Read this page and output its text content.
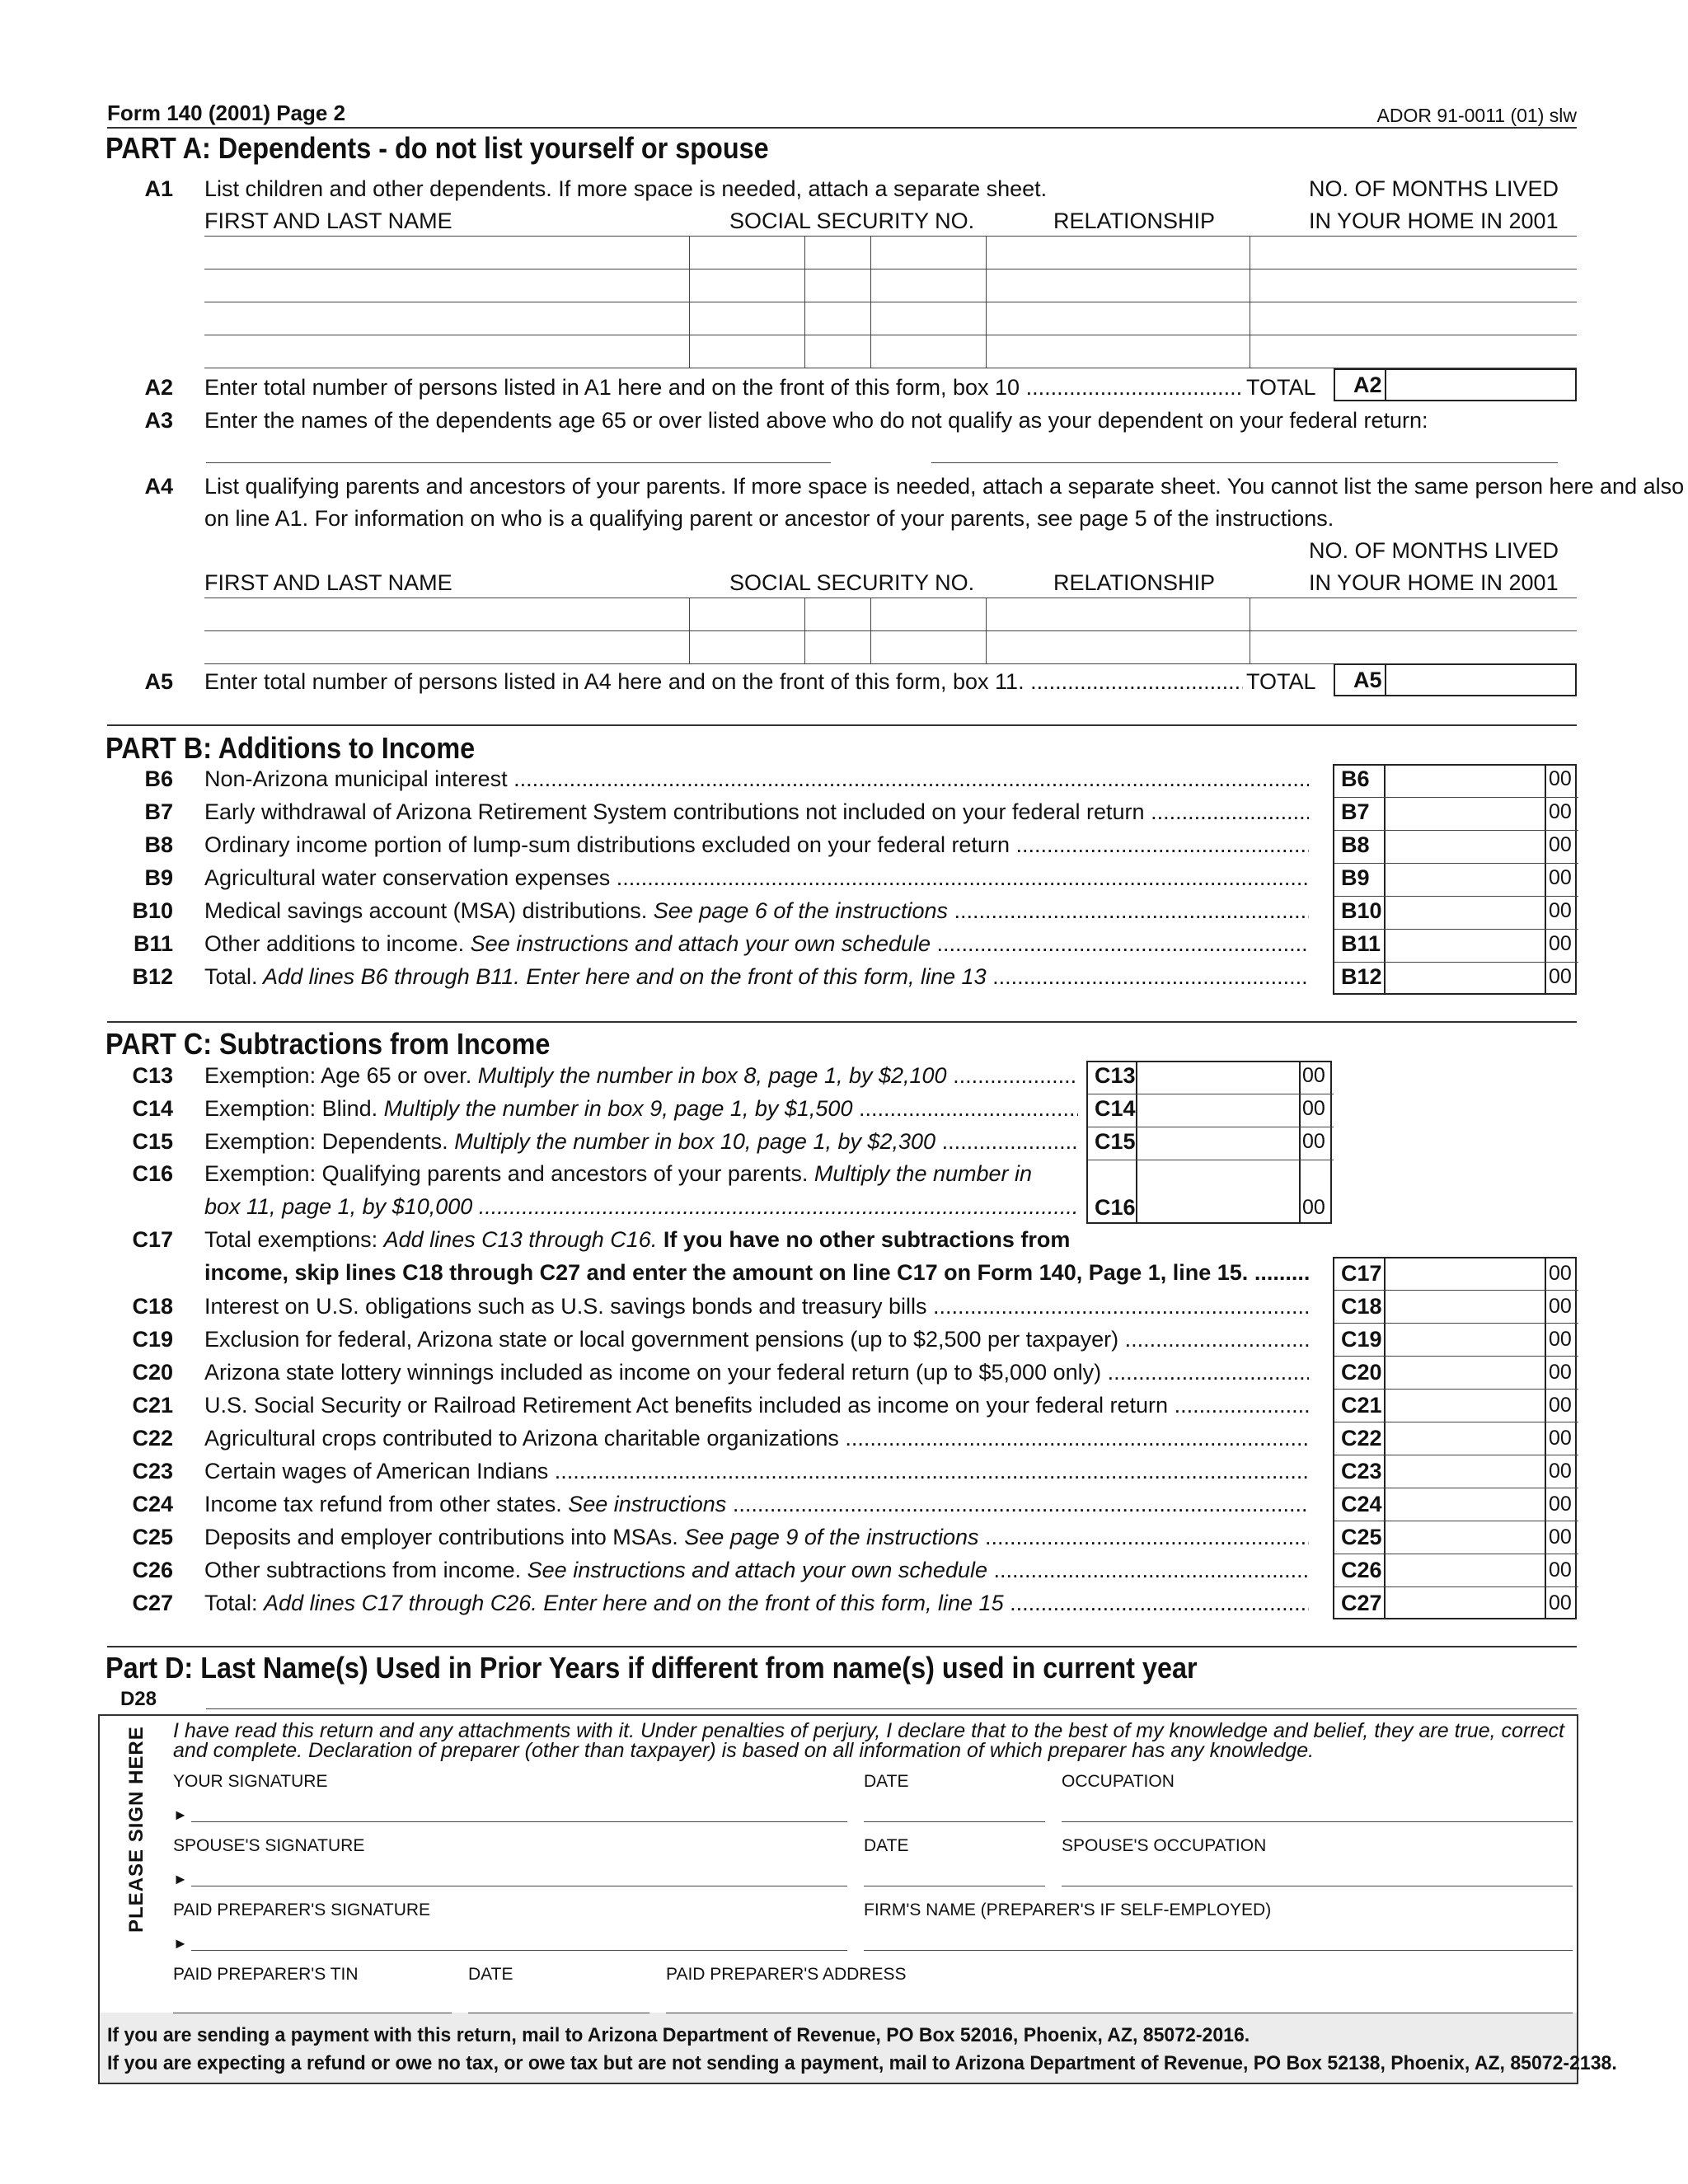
Form 140 (2001) Page 2	ADOR 91-0011 (01) slw
PART A: Dependents - do not list yourself or spouse
A1 List children and other dependents. If more space is needed, attach a separate sheet.	NO. OF MONTHS LIVED
FIRST AND LAST NAME	SOCIAL SECURITY NO.	RELATIONSHIP	IN YOUR HOME IN 2001
A2 Enter total number of persons listed in A1 here and on the front of this form, box 10 .....	TOTAL A2
A3 Enter the names of the dependents age 65 or over listed above who do not qualify as your dependent on your federal return:
A4 List qualifying parents and ancestors of your parents. If more space is needed, attach a separate sheet. You cannot list the same person here and also
on line A1. For information on who is a qualifying parent or ancestor of your parents, see page 5 of the instructions.
NO. OF MONTHS LIVED
FIRST AND LAST NAME	SOCIAL SECURITY NO.	RELATIONSHIP	IN YOUR HOME IN 2001
A5 Enter total number of persons listed in A4 here and on the front of this form, box 11. .....	TOTAL A5
PART B: Additions to Income
B6 Non-Arizona municipal interest .....	B6	00
B7 Early withdrawal of Arizona Retirement System contributions not included on your federal return .....	B7	00
B8 Ordinary income portion of lump-sum distributions excluded on your federal return .....	B8	00
B9 Agricultural water conservation expenses .....	B9	00
B10 Medical savings account (MSA) distributions. See page 6 of the instructions .....	B10	00
B11 Other additions to income. See instructions and attach your own schedule .....	B11	00
B12 Total. Add lines B6 through B11. Enter here and on the front of this form, line 13 .....	B12	00
PART C: Subtractions from Income
C13 Exemption: Age 65 or over. Multiply the number in box 8, page 1, by $2,100 .....	C13	00
C14 Exemption: Blind. Multiply the number in box 9, page 1, by $1,500 .....	C14	00
C15 Exemption: Dependents. Multiply the number in box 10, page 1, by $2,300 .....	C15	00
C16 Exemption: Qualifying parents and ancestors of your parents. Multiply the number in
box 11, page 1, by $10,000 .....	C16	00
C17 Total exemptions: Add lines C13 through C16. If you have no other subtractions from
income, skip lines C18 through C27 and enter the amount on line C17 on Form 140, Page 1, line 15. .....	C17	00
C18 Interest on U.S. obligations such as U.S. savings bonds and treasury bills .....	C18	00
C19 Exclusion for federal, Arizona state or local government pensions (up to $2,500 per taxpayer) .....	C19	00
C20 Arizona state lottery winnings included as income on your federal return (up to $5,000 only) .....	C20	00
C21 U.S. Social Security or Railroad Retirement Act benefits included as income on your federal return .....	C21	00
C22 Agricultural crops contributed to Arizona charitable organizations .....	C22	00
C23 Certain wages of American Indians .....	C23	00
C24 Income tax refund from other states. See instructions .....	C24	00
C25 Deposits and employer contributions into MSAs. See page 9 of the instructions .....	C25	00
C26 Other subtractions from income. See instructions and attach your own schedule .....	C26	00
C27 Total: Add lines C17 through C26. Enter here and on the front of this form, line 15 .....	C27	00
Part D: Last Name(s) Used in Prior Years if different from name(s) used in current year
D28
PLEASE SIGN HERE I have read this return and any attachments with it. Under penalties of perjury, I declare that to the best of my knowledge and belief, they are true, correct
and complete. Declaration of preparer (other than taxpayer) is based on all information of which preparer has any knowledge.
YOUR SIGNATURE	DATE	OCCUPATION
►
SPOUSE'S SIGNATURE	DATE	SPOUSE'S OCCUPATION
►
PAID PREPARER'S SIGNATURE	FIRM'S NAME (PREPARER'S IF SELF-EMPLOYED)
►
PAID PREPARER'S TIN	DATE	PAID PREPARER'S ADDRESS
If you are sending a payment with this return, mail to Arizona Department of Revenue, PO Box 52016, Phoenix, AZ, 85072-2016.
If you are expecting a refund or owe no tax, or owe tax but are not sending a payment, mail to Arizona Department of Revenue, PO Box 52138, Phoenix, AZ, 85072-2138.
